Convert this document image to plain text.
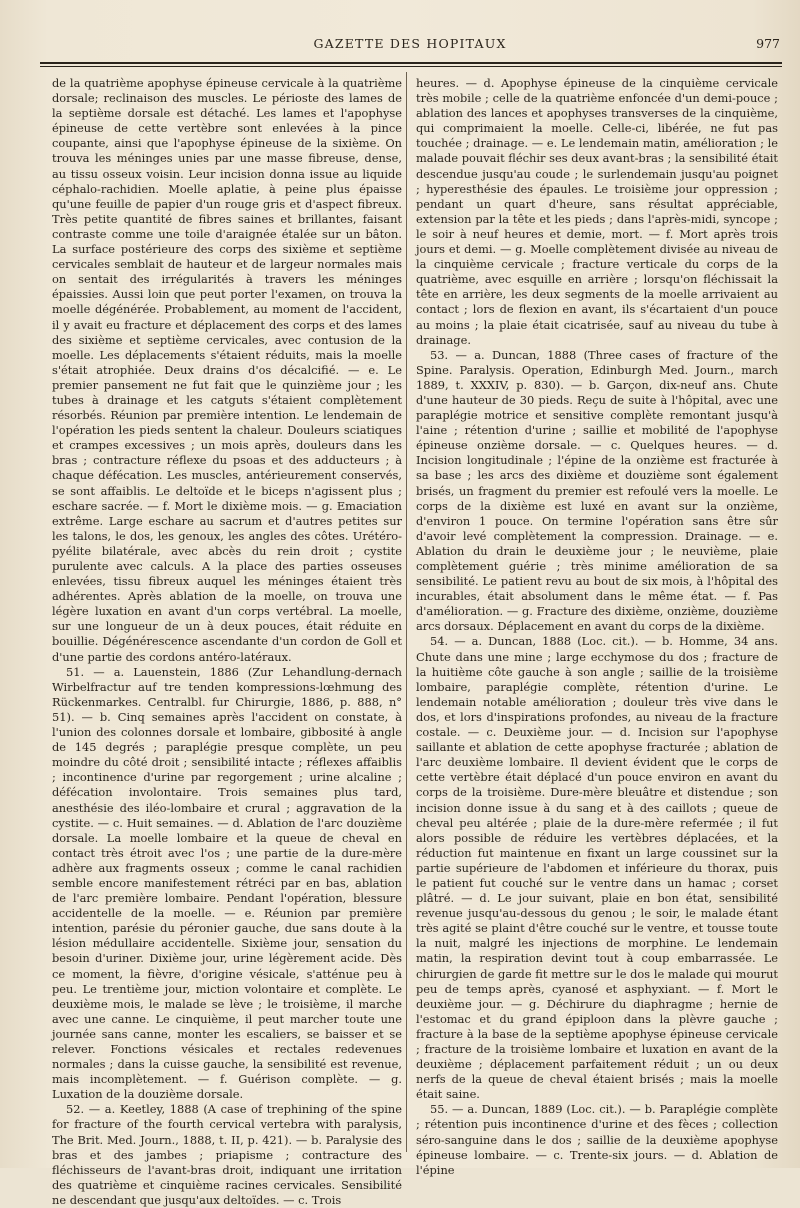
GAZETTE DES HOPITAUX	977

de la quatrième apophyse épineuse cervicale à la quatrième dorsale; reclinaison des muscles. Le périoste des lames de la septième dorsale est détaché. Les lames et l'apophyse épineuse de cette vertèbre sont enlevées à la pince coupante, ainsi que l'apophyse épineuse de la sixième. On trouva les méninges unies par une masse fibreuse, dense, au tissu osseux voisin. Leur incision donna issue au liquide céphalo-rachidien. Moelle aplatie, à peine plus épaisse qu'une feuille de papier d'un rouge gris et d'aspect fibreux. Très petite quantité de fibres saines et brillantes, faisant contraste comme une toile d'araignée étalée sur un bâton. La surface postérieure des corps des sixième et septième cervicales semblait de hauteur et de largeur normales mais on sentait des irrégularités à travers les méninges épaissies. Aussi loin que peut porter l'examen, on trouva la moelle dégénérée. Probablement, au moment de l'accident, il y avait eu fracture et déplacement des corps et des lames des sixième et septième cervicales, avec contusion de la moelle. Les déplacements s'étaient réduits, mais la moelle s'était atrophiée. Deux drains d'os décalcifié. — e. Le premier pansement ne fut fait que le quinzième jour ; les tubes à drainage et les catguts s'étaient complètement résorbés. Réunion par première intention. Le lendemain de l'opération les pieds sentent la chaleur. Douleurs sciatiques et crampes excessives ; un mois après, douleurs dans les bras ; contracture réflexe du psoas et des adducteurs ; à chaque défécation. Les muscles, antérieurement conservés, se sont affaiblis. Le deltoïde et le biceps n'agissent plus ; eschare sacrée. — f. Mort le dixième mois. — g. Emaciation extrême. Large eschare au sacrum et d'autres petites sur les talons, le dos, les genoux, les angles des côtes. Urétéro-pyélite bilatérale, avec abcès du rein droit ; cystite purulente avec calculs. A la place des parties osseuses enlevées, tissu fibreux auquel les méninges étaient très adhérentes. Après ablation de la moelle, on trouva une légère luxation en avant d'un corps vertébral. La moelle, sur une longueur de un à deux pouces, était réduite en bouillie. Dégénérescence ascendante d'un cordon de Goll et d'une partie des cordons antéro-latéraux.

51. — a. Lauenstein, 1886 (Zur Lehandlung-dernach Wirbelfractur auf tre tenden kompressions-lœhmung des Rückenmarkes. Centralbl. fur Chirurgie, 1886, p. 888, n° 51). — b. Cinq semaines après l'accident on constate, à l'union des colonnes dorsale et lombaire, gibbosité à angle de 145 degrés ; paraplégie presque complète, un peu moindre du côté droit ; sensibilité intacte ; réflexes affaiblis ; incontinence d'urine par regorgement ; urine alcaline ; défécation involontaire. Trois semaines plus tard, anesthésie des iléo-lombaire et crural ; aggravation de la cystite. — c. Huit semaines. — d. Ablation de l'arc douzième dorsale. La moelle lombaire et la queue de cheval en contact très étroit avec l'os ; une partie de la dure-mère adhère aux fragments osseux ; comme le canal rachidien semble encore manifestement rétréci par en bas, ablation de l'arc première lombaire. Pendant l'opération, blessure accidentelle de la moelle. — e. Réunion par première intention, parésie du péronier gauche, due sans doute à la lésion médullaire accidentelle. Sixième jour, sensation du besoin d'uriner. Dixième jour, urine légèrement acide. Dès ce moment, la fièvre, d'origine vésicale, s'atténue peu à peu. Le trentième jour, miction volontaire et complète. Le deuxième mois, le malade se lève ; le troisième, il marche avec une canne. Le cinquième, il peut marcher toute une journée sans canne, monter les escaliers, se baisser et se relever. Fonctions vésicales et rectales redevenues normales ; dans la cuisse gauche, la sensibilité est revenue, mais incomplètement. — f. Guérison complète. — g. Luxation de la douzième dorsale.

52. — a. Keetley, 1888 (A case of trephining of the spine for fracture of the fourth cervical vertebra with paralysis, The Brit. Med. Journ., 1888, t. II, p. 421). — b. Paralysie des bras et des jambes ; priapisme ; contracture des fléchisseurs de l'avant-bras droit, indiquant une irritation des quatrième et cinquième racines cervicales. Sensibilité ne descendant que jusqu'aux deltoïdes. — c. Trois

heures. — d. Apophyse épineuse de la cinquième cervicale très mobile ; celle de la quatrième enfoncée d'un demi-pouce ; ablation des lances et apophyses transverses de la cinquième, qui comprimaient la moelle. Celle-ci, libérée, ne fut pas touchée ; drainage. — e. Le lendemain matin, amélioration ; le malade pouvait fléchir ses deux avant-bras ; la sensibilité était descendue jusqu'au coude ; le surlendemain jusqu'au poignet ; hyperesthésie des épaules. Le troisième jour oppression ; pendant un quart d'heure, sans résultat appréciable, extension par la tête et les pieds ; dans l'après-midi, syncope ; le soir à neuf heures et demie, mort. — f. Mort après trois jours et demi. — g. Moelle complètement divisée au niveau de la cinquième cervicale ; fracture verticale du corps de la quatrième, avec esquille en arrière ; lorsqu'on fléchissait la tête en arrière, les deux segments de la moelle arrivaient au contact ; lors de flexion en avant, ils s'écartaient d'un pouce au moins ; la plaie était cicatrisée, sauf au niveau du tube à drainage.

53. — a. Duncan, 1888 (Three cases of fracture of the Spine. Paralysis. Operation, Edinburgh Med. Journ., march 1889, t. XXXIV, p. 830). — b. Garçon, dix-neuf ans. Chute d'une hauteur de 30 pieds. Reçu de suite à l'hôpital, avec une paraplégie motrice et sensitive complète remontant jusqu'à l'aine ; rétention d'urine ; saillie et mobilité de l'apophyse épineuse onzième dorsale. — c. Quelques heures. — d. Incision longitudinale ; l'épine de la onzième est fracturée à sa base ; les arcs des dixième et douzième sont également brisés, un fragment du premier est refoulé vers la moelle. Le corps de la dixième est luxé en avant sur la onzième, d'environ 1 pouce. On termine l'opération sans être sûr d'avoir levé complètement la compression. Drainage. — e. Ablation du drain le deuxième jour ; le neuvième, plaie complètement guérie ; très minime amélioration de sa sensibilité. Le patient revu au bout de six mois, à l'hôpital des incurables, était absolument dans le même état. — f. Pas d'amélioration. — g. Fracture des dixième, onzième, douzième arcs dorsaux. Déplacement en avant du corps de la dixième.

54. — a. Duncan, 1888 (Loc. cit.). — b. Homme, 34 ans. Chute dans une mine ; large ecchymose du dos ; fracture de la huitième côte gauche à son angle ; saillie de la troisième lombaire, paraplégie complète, rétention d'urine. Le lendemain notable amélioration ; douleur très vive dans le dos, et lors d'inspirations profondes, au niveau de la fracture costale. — c. Deuxième jour. — d. Incision sur l'apophyse saillante et ablation de cette apophyse fracturée ; ablation de l'arc deuxième lombaire. Il devient évident que le corps de cette vertèbre était déplacé d'un pouce environ en avant du corps de la troisième. Dure-mère bleuâtre et distendue ; son incision donne issue à du sang et à des caillots ; queue de cheval peu altérée ; plaie de la dure-mère refermée ; il fut alors possible de réduire les vertèbres déplacées, et la réduction fut maintenue en fixant un large coussinet sur la partie supérieure de l'abdomen et inférieure du thorax, puis le patient fut couché sur le ventre dans un hamac ; corset plâtré. — d. Le jour suivant, plaie en bon état, sensibilité revenue jusqu'au-dessous du genou ; le soir, le malade étant très agité se plaint d'être couché sur le ventre, et tousse toute la nuit, malgré les injections de morphine. Le lendemain matin, la respiration devint tout à coup embarrassée. Le chirurgien de garde fit mettre sur le dos le malade qui mourut peu de temps après, cyanosé et asphyxiant. — f. Mort le deuxième jour. — g. Déchirure du diaphragme ; hernie de l'estomac et du grand épiploon dans la plèvre gauche ; fracture à la base de la septième apophyse épineuse cervicale ; fracture de la troisième lombaire et luxation en avant de la deuxième ; déplacement parfaitement réduit ; un ou deux nerfs de la queue de cheval étaient brisés ; mais la moelle était saine.

55. — a. Duncan, 1889 (Loc. cit.). — b. Paraplégie complète ; rétention puis incontinence d'urine et des fèces ; collection séro-sanguine dans le dos ; saillie de la deuxième apophyse épineuse lombaire. — c. Trente-six jours. — d. Ablation de l'épine
